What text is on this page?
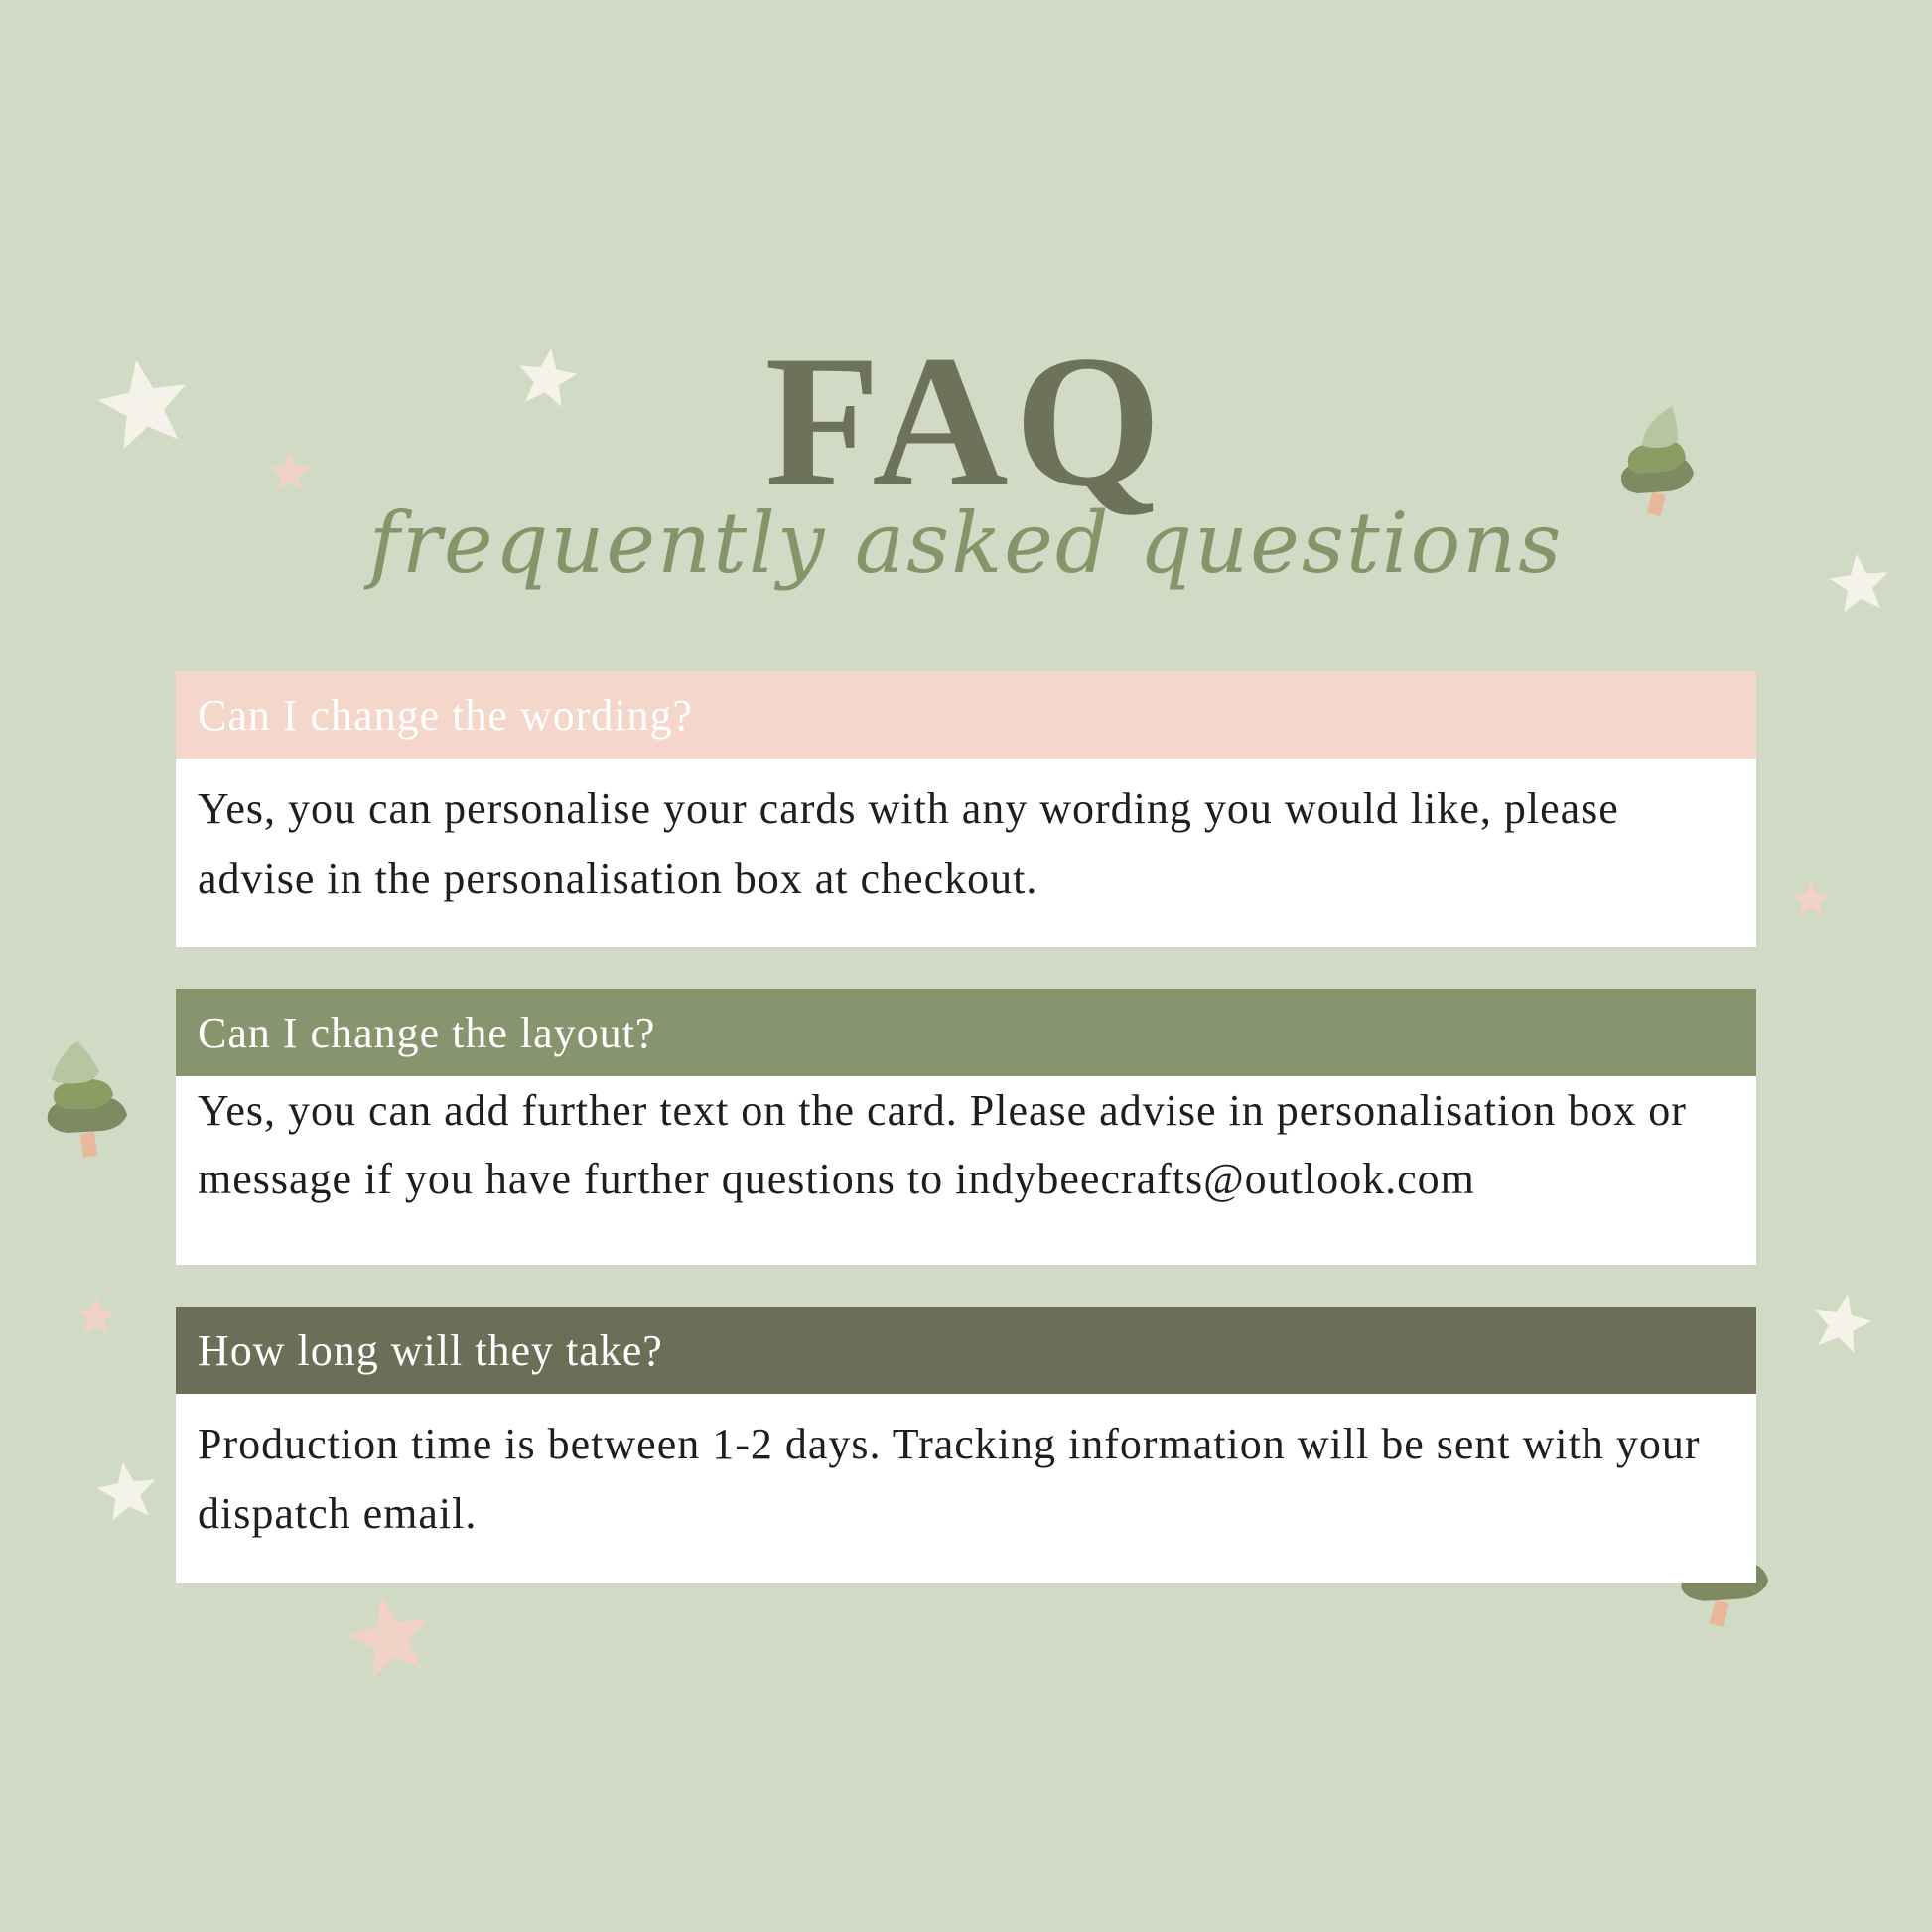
FAQ
frequently asked questions
Can I change the wording?
Yes, you can personalise your cards with any wording you would like, please advise in the personalisation box at checkout.
Can I change the layout?
Yes, you can add further text on the card. Please advise in personalisation box or message if you have further questions to indybeecrafts@outlook.com
How long will they take?
Production time is between 1-2 days. Tracking information will be sent with your dispatch email.
